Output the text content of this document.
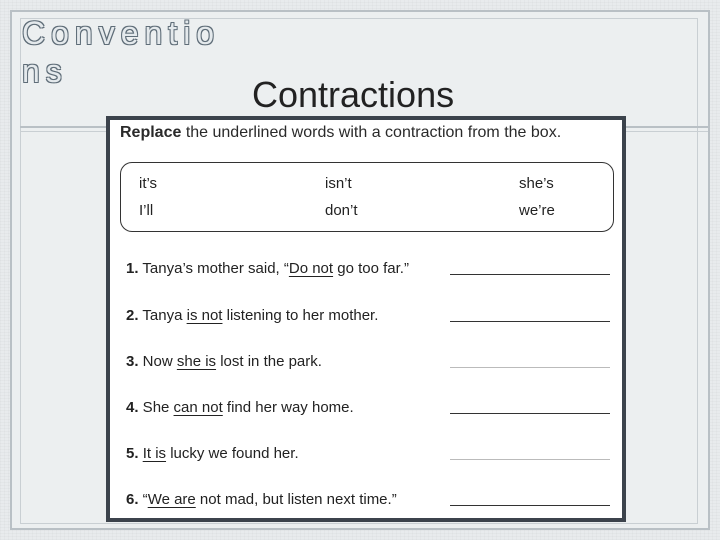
Conventions
Contractions
Replace the underlined words with a contraction from the box.
it’s	isn’t	she’s
I’ll	don’t	we’re
1. Tanya’s mother said, “Do not go too far.”
2. Tanya is not listening to her mother.
3. Now she is lost in the park.
4. She can not find her way home.
5. It is lucky we found her.
6. “We are not mad, but listen next time.”
